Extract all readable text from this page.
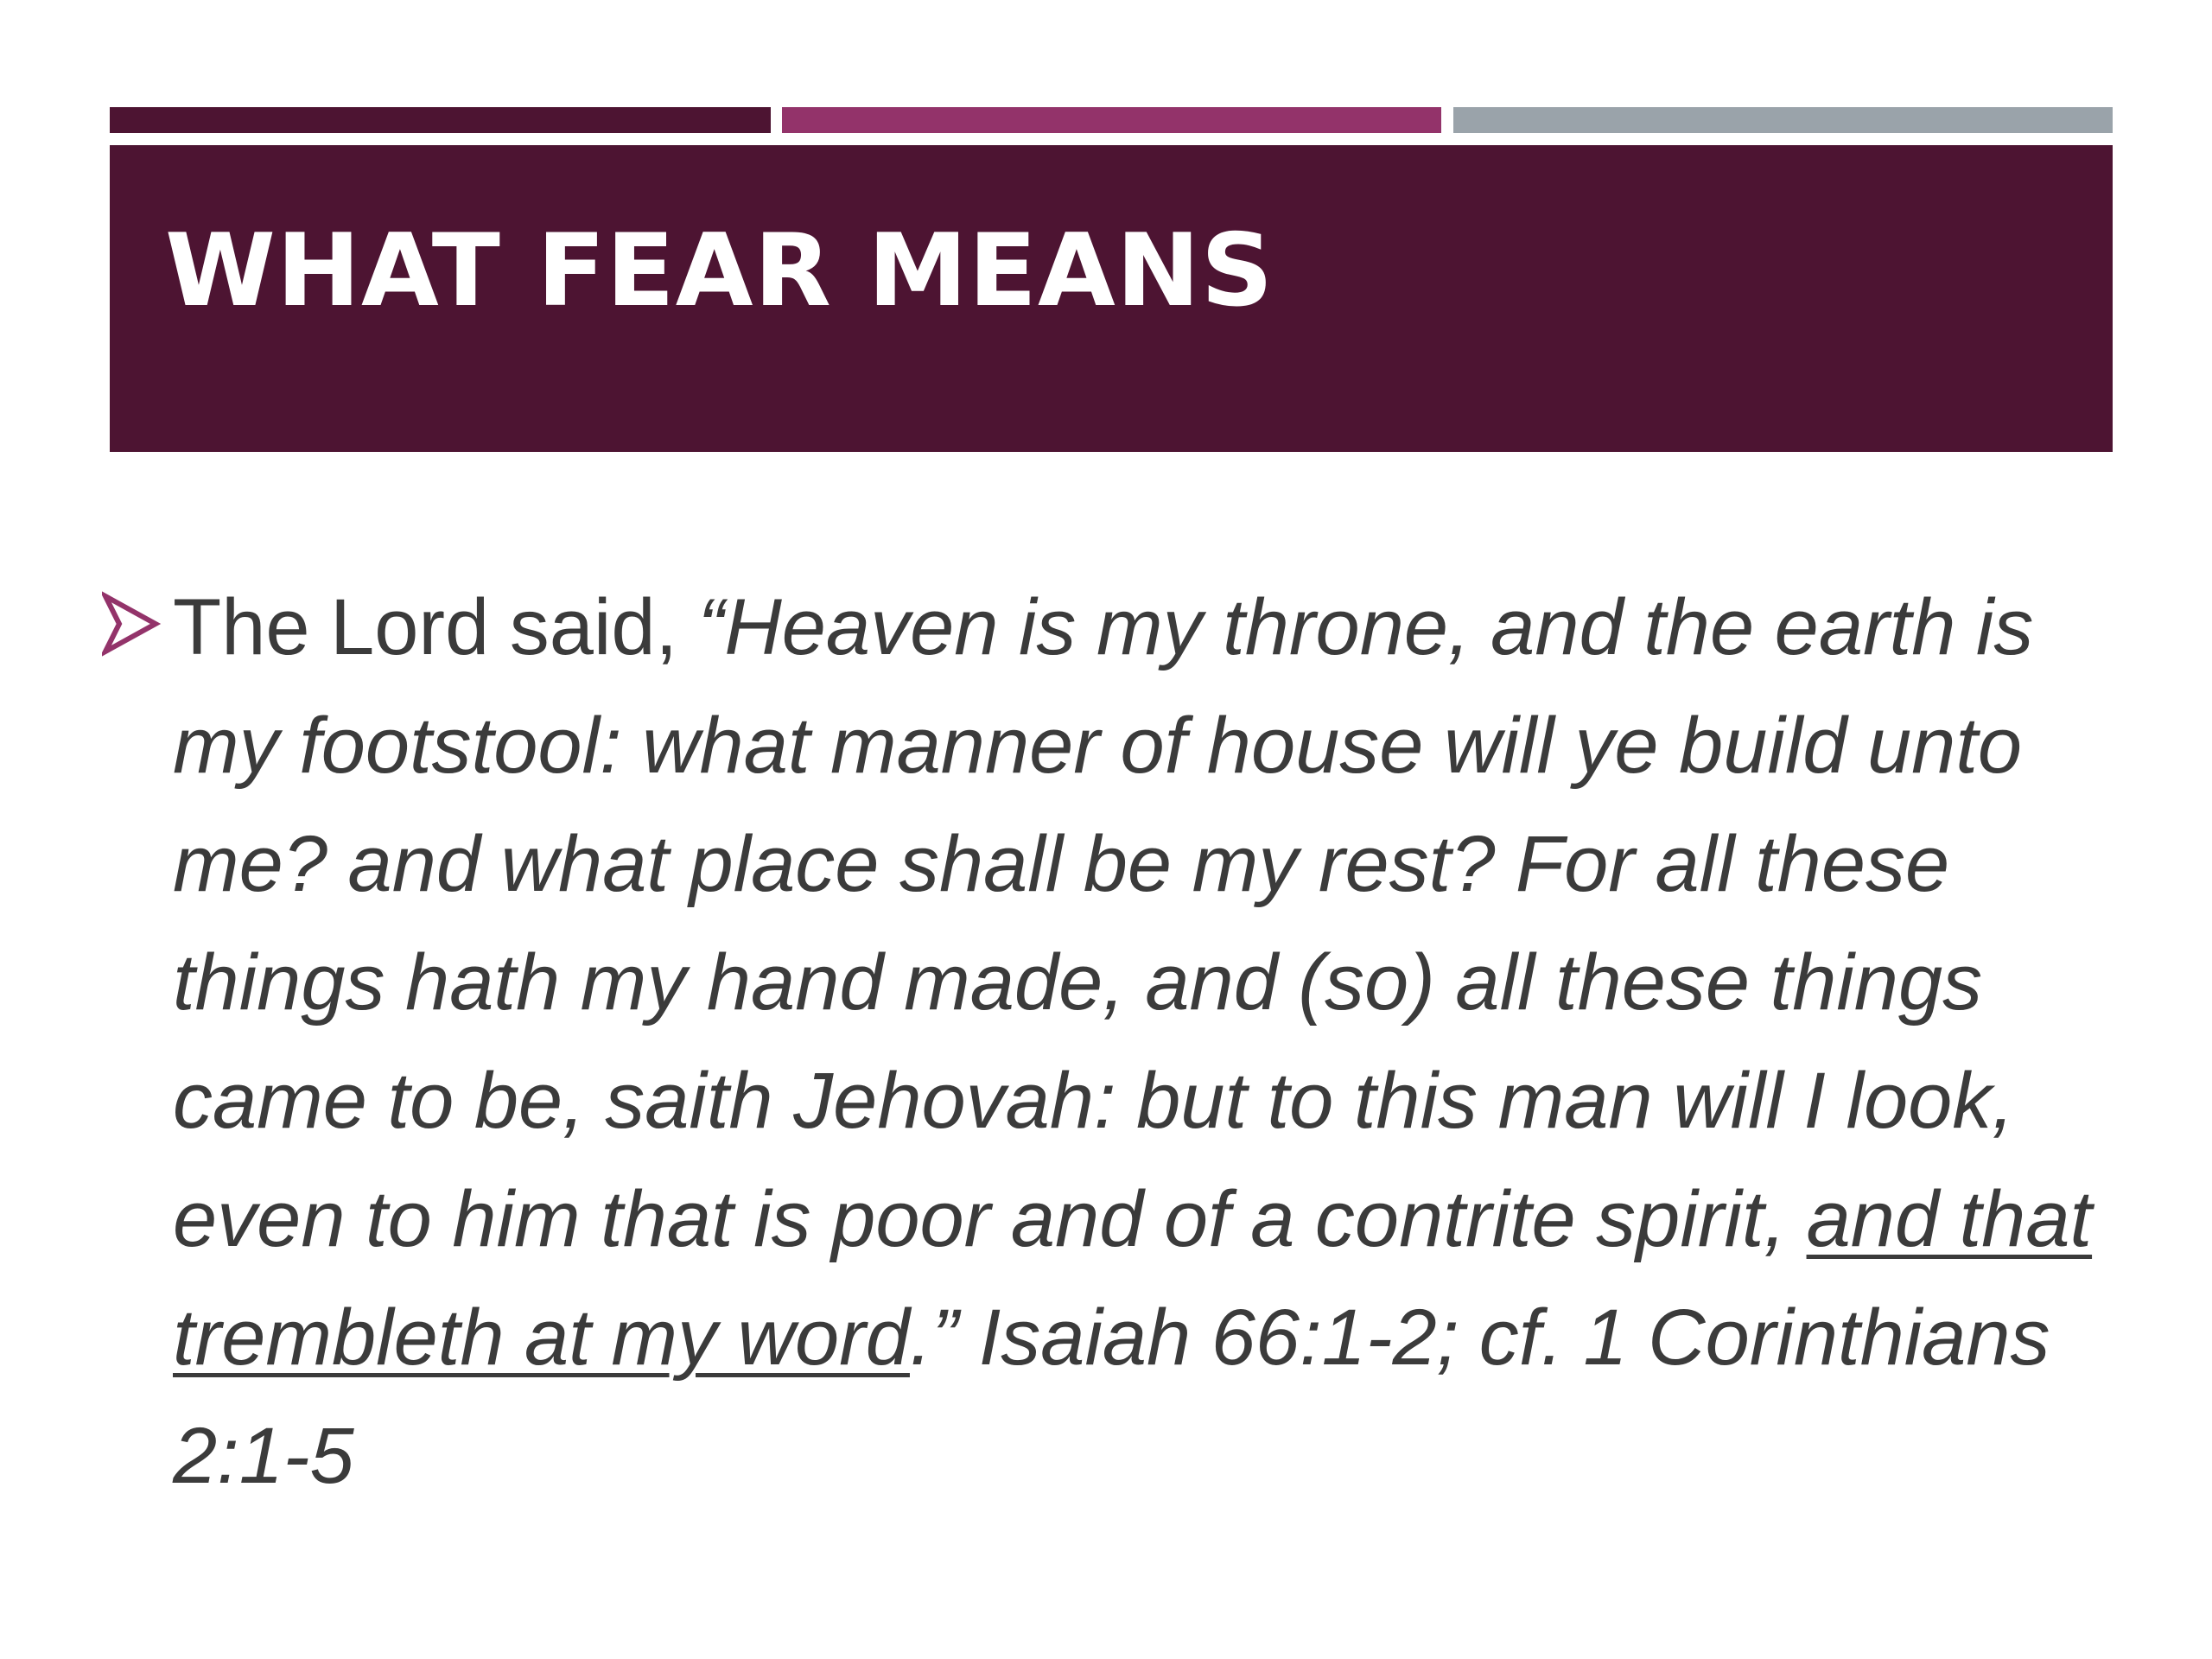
WHAT FEAR MEANS

The Lord said, “Heaven is my throne, and the earth is my footstool: what manner of house will ye build unto me? and what place shall be my rest? For all these things hath my hand made, and (so) all these things came to be, saith Jehovah: but to this man will I look, even to him that is poor and of a contrite spirit, and that trembleth at my word.” Isaiah 66:1-2; cf. 1 Corinthians 2:1-5
